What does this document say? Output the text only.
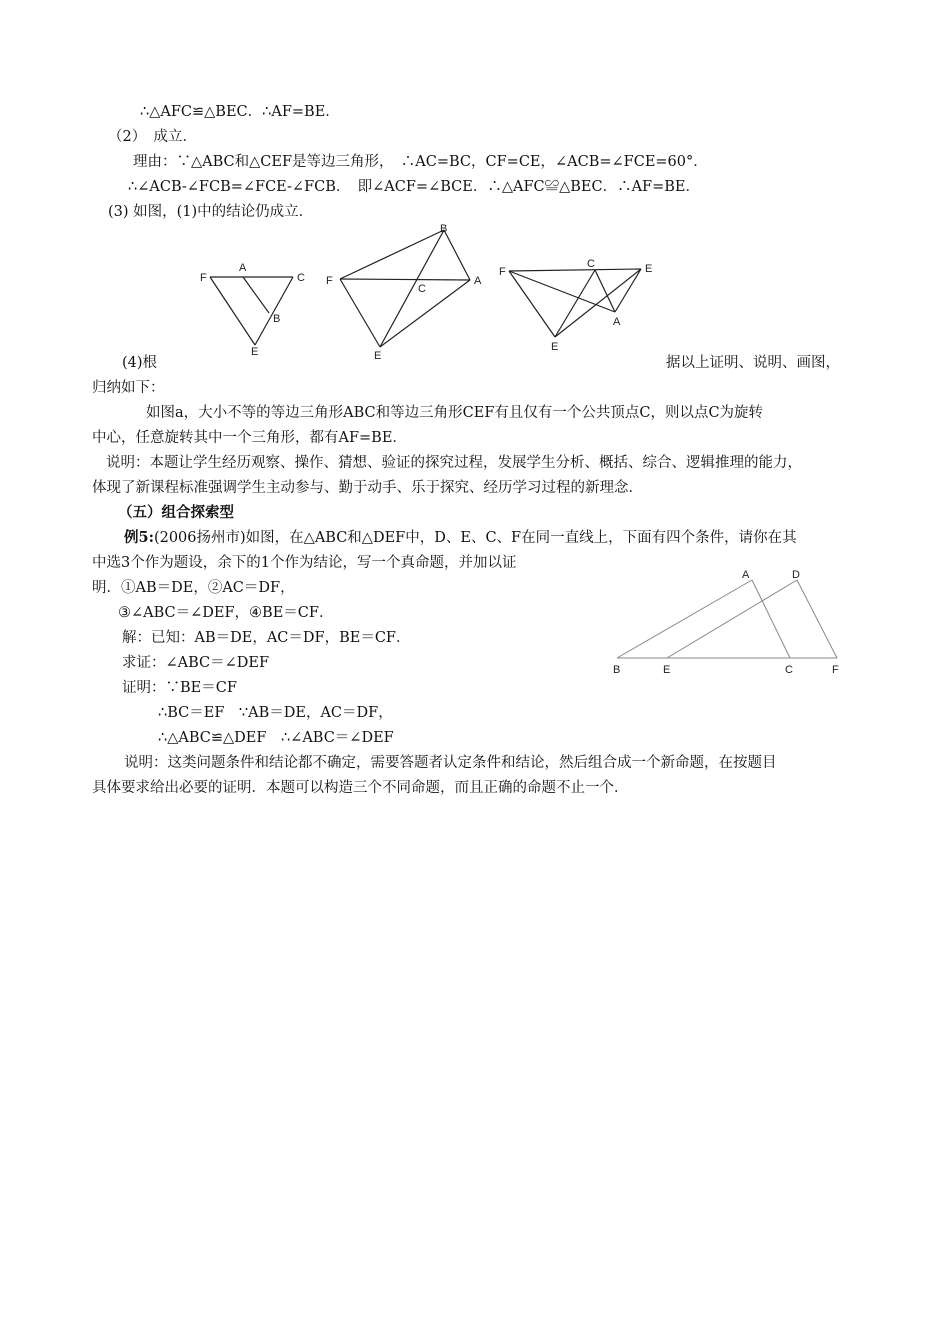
∴△AFC≌△BEC．∴AF=BE．
（2）　成立．
理由：∵△ABC和△CEF是等边三角形，　∴AC=BC，CF=CE，∠ACB=∠FCE=60°．
∴∠ACB-∠FCB=∠FCE-∠FCB．　即∠ACF=∠BCE．∴△AFC≌△BEC．∴AF=BE．
(3) 如图，(1)中的结论仍成立．
F
A
C
B
E
B
F
C
A
E
F
C	E
A
E
(4)根	据以上证明、说明、画图，
归纳如下：
如图a，大小不等的等边三角形ABC和等边三角形CEF有且仅有一个公共顶点C，则以点C为旋转
中心，任意旋转其中一个三角形，都有AF=BE．
说明：本题让学生经历观察、操作、猜想、验证的探究过程，发展学生分析、概括、综合、逻辑推理的能力，
体现了新课程标准强调学生主动参与、勤于动手、乐于探究、经历学习过程的新理念．
（五）组合探索型
例5:(2006扬州市)如图，在△ABC和△DEF中，D、E、C、F在同一直线上，下面有四个条件，请你在其
中选3个作为题设，余下的1个作为结论，写一个真命题，并加以证
明．①AB＝DE，②AC＝DF，
③∠ABC＝∠DEF，④BE＝CF．
解：已知：AB＝DE，AC＝DF，BE＝CF．
求证：∠ABC＝∠DEF
证明：∵BE＝CF
∴BC＝EF　∵AB＝DE，AC＝DF，
∴△ABC≌△DEF　∴∠ABC＝∠DEF
说明：这类问题条件和结论都不确定，需要答题者认定条件和结论，然后组合成一个新命题，在按题目
具体要求给出必要的证明．本题可以构造三个不同命题，而且正确的命题不止一个．
A	D
B	E	C	F
